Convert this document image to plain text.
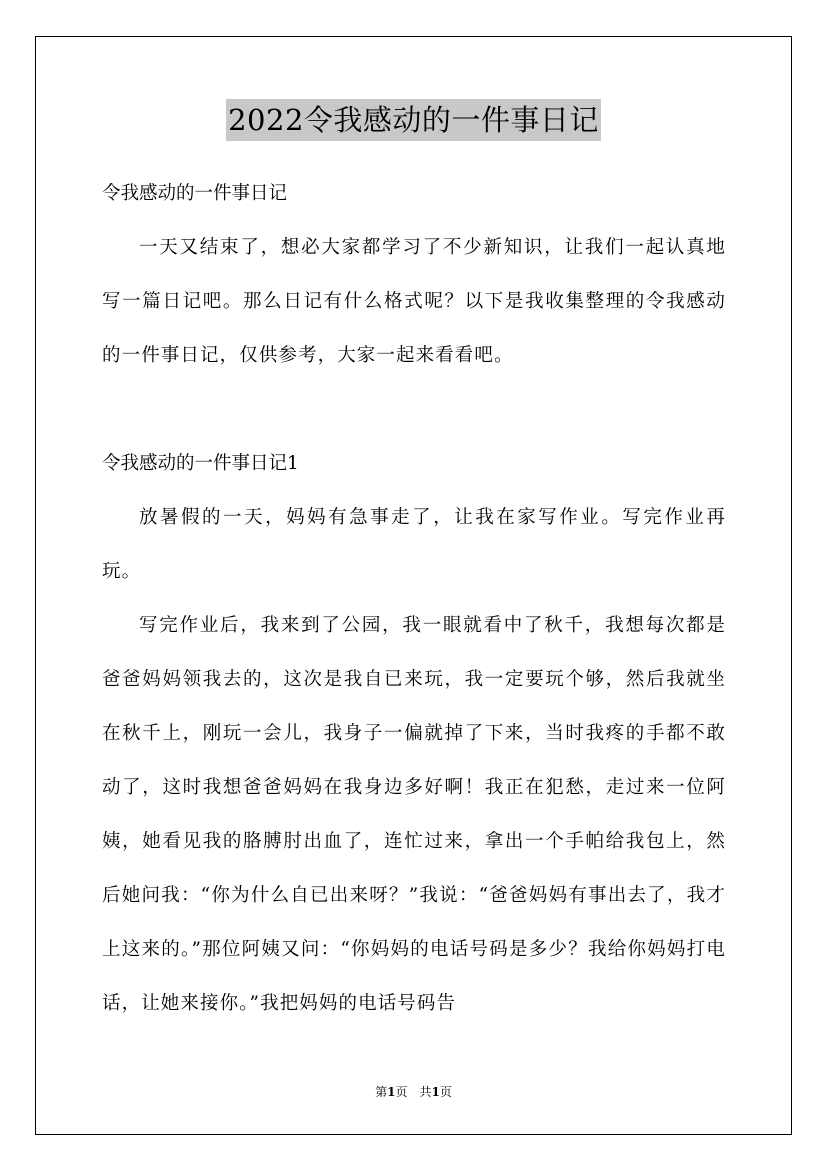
2022令我感动的一件事日记

令我感动的一件事日记

一天又结束了，想必大家都学习了不少新知识，让我们一起认真地写一篇日记吧。那么日记有什么格式呢？以下是我收集整理的令我感动的一件事日记，仅供参考，大家一起来看看吧。

令我感动的一件事日记1

放暑假的一天，妈妈有急事走了，让我在家写作业。写完作业再玩。

写完作业后，我来到了公园，我一眼就看中了秋千，我想每次都是爸爸妈妈领我去的，这次是我自已来玩，我一定要玩个够，然后我就坐在秋千上，刚玩一会儿，我身子一偏就掉了下来，当时我疼的手都不敢动了，这时我想爸爸妈妈在我身边多好啊！我正在犯愁，走过来一位阿姨，她看见我的胳膊肘出血了，连忙过来，拿出一个手帕给我包上，然后她问我：“你为什么自已出来呀？”我说：“爸爸妈妈有事出去了，我才上这来的。”那位阿姨又问：“你妈妈的电话号码是多少？我给你妈妈打电话，让她来接你。”我把妈妈的电话号码告

第1页　共1页
